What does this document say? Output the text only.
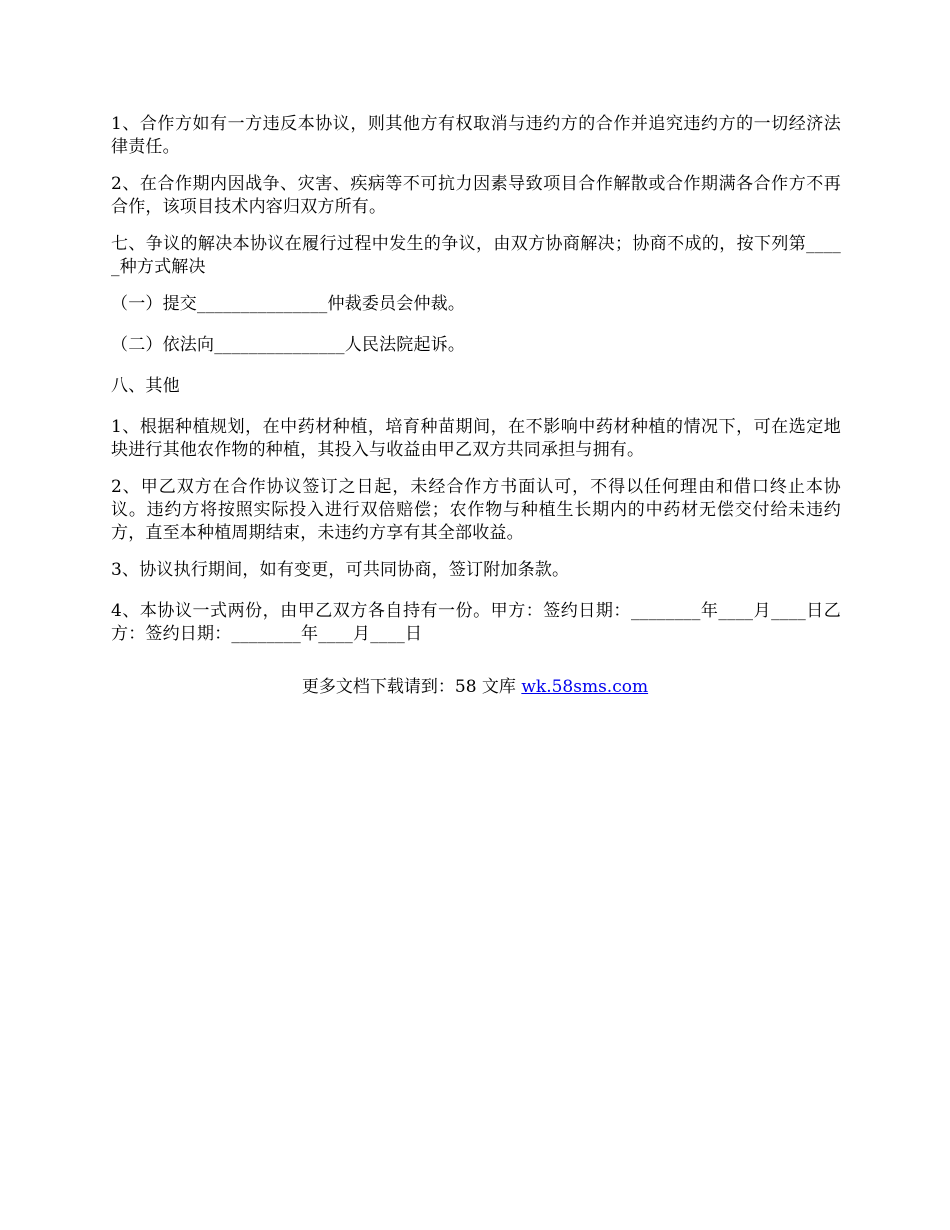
1、合作方如有一方违反本协议，则其他方有权取消与违约方的合作并追究违约方的一切经济法律责任。

2、在合作期内因战争、灾害、疾病等不可抗力因素导致项目合作解散或合作期满各合作方不再合作，该项目技术内容归双方所有。

七、争议的解决本协议在履行过程中发生的争议，由双方协商解决；协商不成的，按下列第_____种方式解决

（一）提交_______________仲裁委员会仲裁。

（二）依法向_______________人民法院起诉。

八、其他

1、根据种植规划，在中药材种植，培育种苗期间，在不影响中药材种植的情况下，可在选定地块进行其他农作物的种植，其投入与收益由甲乙双方共同承担与拥有。

2、甲乙双方在合作协议签订之日起，未经合作方书面认可，不得以任何理由和借口终止本协议。违约方将按照实际投入进行双倍赔偿；农作物与种植生长期内的中药材无偿交付给未违约方，直至本种植周期结束，未违约方享有其全部收益。

3、协议执行期间，如有变更，可共同协商，签订附加条款。

4、本协议一式两份，由甲乙双方各自持有一份。甲方：签约日期：________年____月____日乙方：签约日期：________年____月____日

更多文档下载请到：58 文库 wk.58sms.com
